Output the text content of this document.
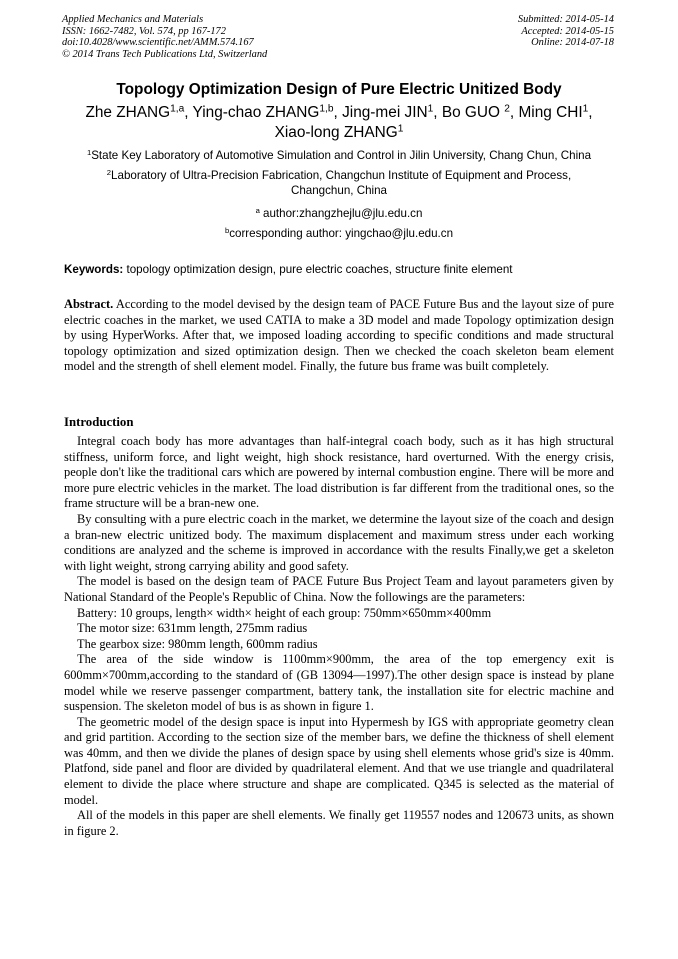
Applied Mechanics and Materials
ISSN: 1662-7482, Vol. 574, pp 167-172
doi:10.4028/www.scientific.net/AMM.574.167
© 2014 Trans Tech Publications Ltd, Switzerland
Submitted: 2014-05-14
Accepted: 2014-05-15
Online: 2014-07-18
Topology Optimization Design of Pure Electric Unitized Body
Zhe ZHANG$^{1,a}$, Ying-chao ZHANG$^{1,b}$, Jing-mei JIN$^1$, Bo GUO $^2$, Ming CHI$^1$,
Xiao-long ZHANG$^1$
$^1$State Key Laboratory of Automotive Simulation and Control in Jilin University, Chang Chun, China
$^2$Laboratory of Ultra-Precision Fabrication, Changchun Institute of Equipment and Process, Changchun, China
$^a$ author:zhangzhejlu@jlu.edu.cn
$^b$corresponding author: yingchao@jlu.edu.cn
Keywords: topology optimization design, pure electric coaches, structure finite element
Abstract. According to the model devised by the design team of PACE Future Bus and the layout size of pure electric coaches in the market, we used CATIA to make a 3D model and made Topology optimization design by using HyperWorks. After that, we imposed loading according to specific conditions and made structural topology optimization and sized optimization design. Then we checked the coach skeleton beam element model and the strength of shell element model. Finally, the future bus frame was built completely.
Introduction

Integral coach body has more advantages than half-integral coach body, such as it has high structural stiffness, uniform force, and light weight, high shock resistance, hard overturned. With the energy crisis, people don't like the traditional cars which are powered by internal combustion engine. There will be more and more pure electric vehicles in the market. The load distribution is far different from the traditional ones, so the frame structure will be a bran-new one.

By consulting with a pure electric coach in the market, we determine the layout size of the coach and design a bran-new electric unitized body. The maximum displacement and maximum stress under each working conditions are analyzed and the scheme is improved in accordance with the results Finally,we get a skeleton with light weight, strong carrying ability and good safety.

The model is based on the design team of PACE Future Bus Project Team and layout parameters given by National Standard of the People's Republic of China. Now the followings are the parameters:

Battery: 10 groups, length× width× height of each group: 750mm×650mm×400mm

The motor size: 631mm length, 275mm radius

The gearbox size: 980mm length, 600mm radius

The area of the side window is 1100mm×900mm, the area of the top emergency exit is 600mm×700mm,according to the standard of (GB 13094—1997).The other design space is instead by plane model while we reserve passenger compartment, battery tank, the installation site for electric machine and suspension. The skeleton model of bus is as shown in figure 1.

The geometric model of the design space is input into Hypermesh by IGS with appropriate geometry clean and grid partition. According to the section size of the member bars, we define the thickness of shell element was 40mm, and then we divide the planes of design space by using shell elements whose grid's size is 40mm. Platfond, side panel and floor are divided by quadrilateral element. And that we use triangle and quadrilateral element to divide the place where structure and shape are complicated. Q345 is selected as the material of model.

All of the models in this paper are shell elements. We finally get 119557 nodes and 120673 units, as shown in figure 2.
